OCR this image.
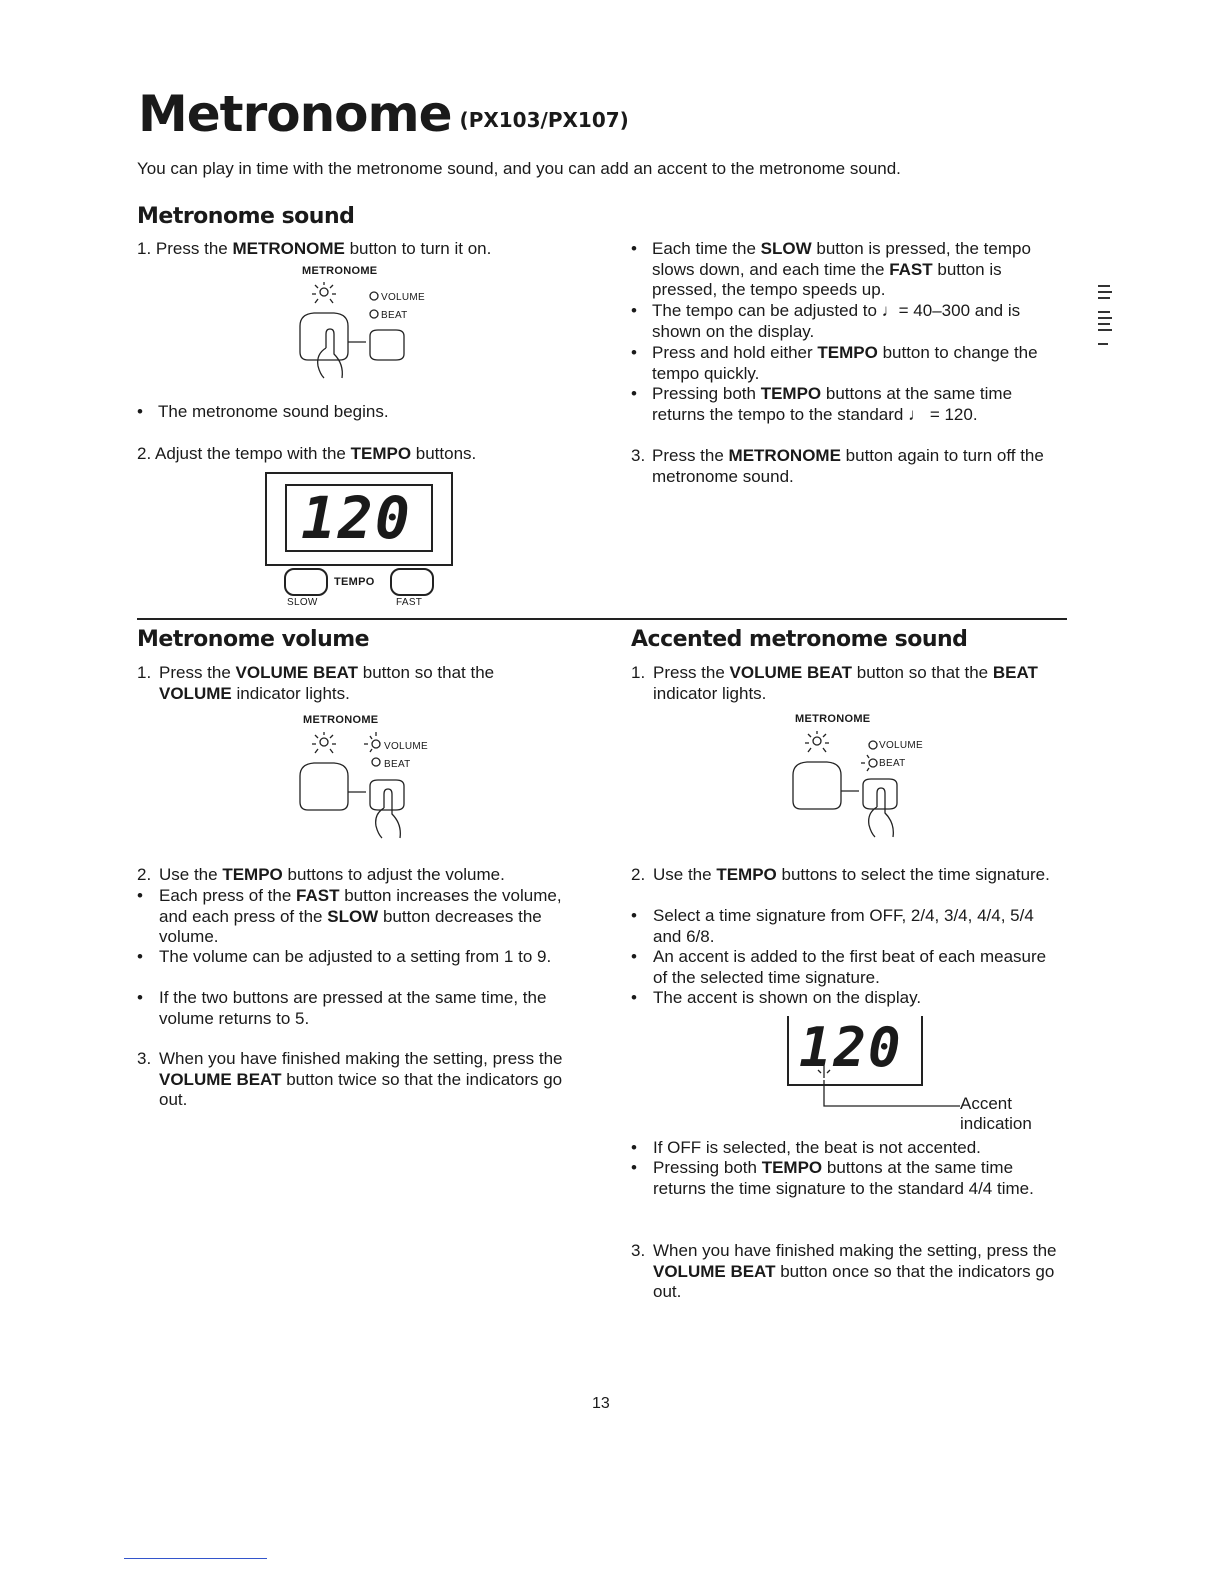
Metronome (PX103/PX107)
You can play in time with the metronome sound, and you can add an accent to the metronome sound.
Metronome sound
1. Press the METRONOME button to turn it on.
METRONOME
VOLUME
BEAT
• The metronome sound begins.
2. Adjust the tempo with the TEMPO buttons.
120
TEMPO
SLOW	FAST
• Each time the SLOW button is pressed, the tempo slows down, and each time the FAST button is pressed, the tempo speeds up.
• The tempo can be adjusted to ♩= 40–300 and is shown on the display.
• Press and hold either TEMPO button to change the tempo quickly.
• Pressing both TEMPO buttons at the same time returns the tempo to the standard ♩ = 120.
3. Press the METRONOME button again to turn off the metronome sound.
Metronome volume
1. Press the VOLUME BEAT button so that the VOLUME indicator lights.
METRONOME
VOLUME
BEAT
2. Use the TEMPO buttons to adjust the volume.
• Each press of the FAST button increases the volume, and each press of the SLOW button decreases the volume.
• The volume can be adjusted to a setting from 1 to 9.
• If the two buttons are pressed at the same time, the volume returns to 5.
3. When you have finished making the setting, press the VOLUME BEAT button twice so that the indicators go out.
Accented metronome sound
1. Press the VOLUME BEAT button so that the BEAT indicator lights.
METRONOME
VOLUME
BEAT
2. Use the TEMPO buttons to select the time signature.
• Select a time signature from OFF, 2/4, 3/4, 4/4, 5/4 and 6/8.
• An accent is added to the first beat of each measure of the selected time signature.
• The accent is shown on the display.
120
Accent
indication
• If OFF is selected, the beat is not accented.
• Pressing both TEMPO buttons at the same time returns the time signature to the standard 4/4 time.
3. When you have finished making the setting, press the VOLUME BEAT button once so that the indicators go out.
13
